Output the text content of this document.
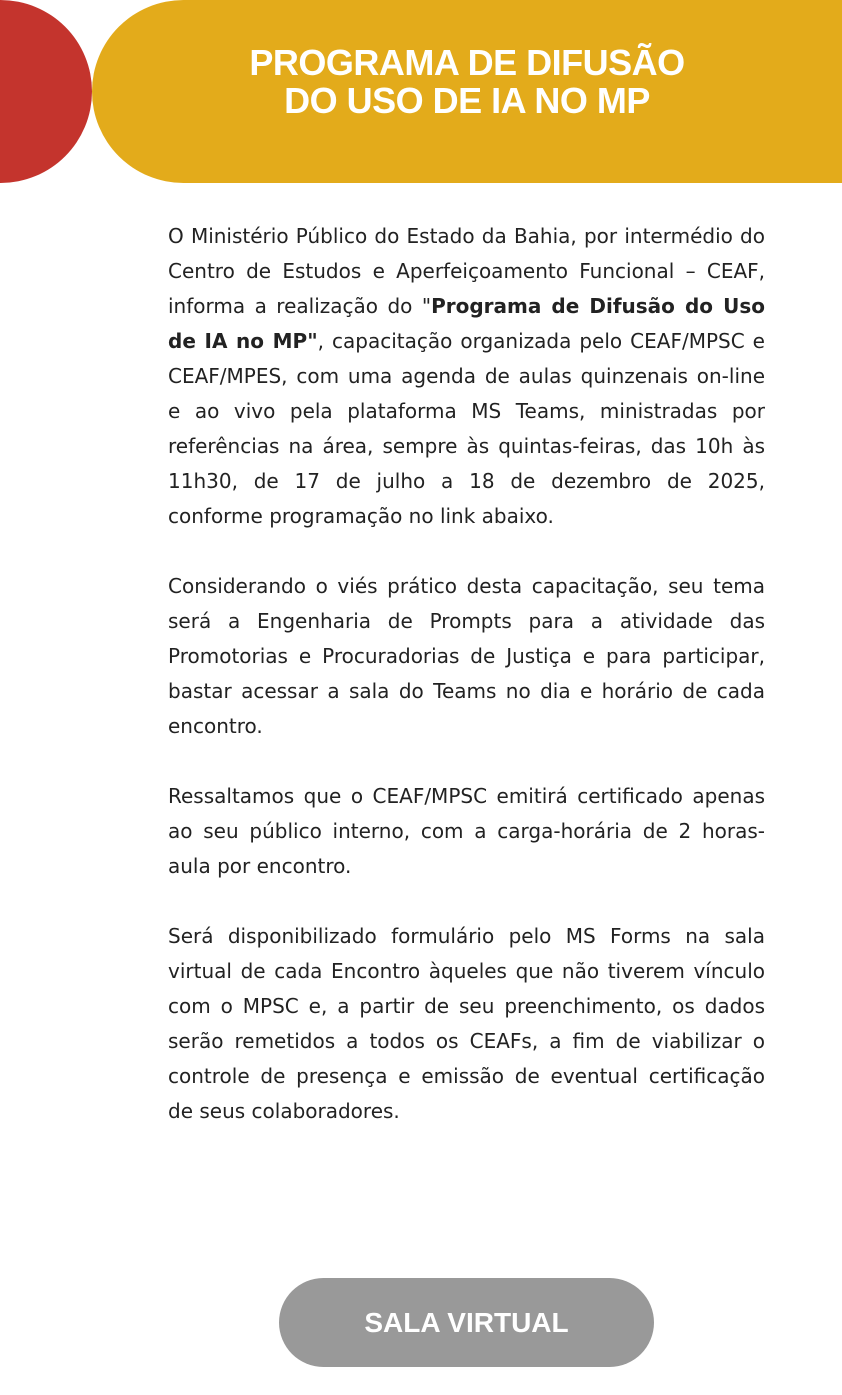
PROGRAMA DE DIFUSÃO
DO USO DE IA NO MP

O Ministério Público do Estado da Bahia, por intermédio do Centro de Estudos e Aperfeiçoamento Funcional – CEAF, informa a realização do "Programa de Difusão do Uso de IA no MP", capacitação organizada pelo CEAF/MPSC e CEAF/MPES, com uma agenda de aulas quinzenais on-line e ao vivo pela plataforma MS Teams, ministradas por referências na área, sempre às quintas-feiras, das 10h às 11h30, de 17 de julho a 18 de dezembro de 2025, conforme programação no link abaixo.

Considerando o viés prático desta capacitação, seu tema será a Engenharia de Prompts para a atividade das Promotorias e Procuradorias de Justiça e para participar, bastar acessar a sala do Teams no dia e horário de cada encontro.

Ressaltamos que o CEAF/MPSC emitirá certificado apenas ao seu público interno, com a carga-horária de 2 horas-aula por encontro.

Será disponibilizado formulário pelo MS Forms na sala virtual de cada Encontro àqueles que não tiverem vínculo com o MPSC e, a partir de seu preenchimento, os dados serão remetidos a todos os CEAFs, a fim de viabilizar o controle de presença e emissão de eventual certificação de seus colaboradores.

SALA VIRTUAL
